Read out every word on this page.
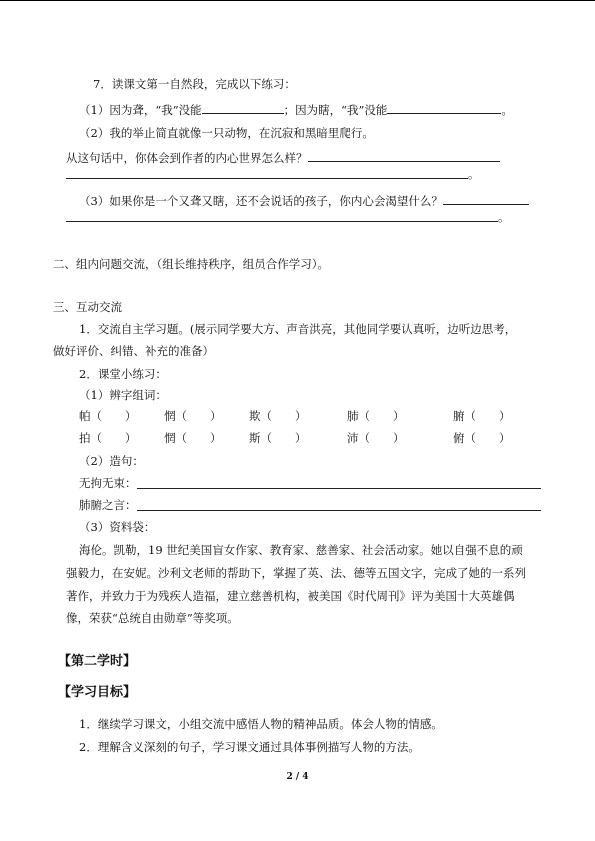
7．读课文第一自然段，完成以下练习：
（1）因为聋，“我”没能	；因为瞎，“我”没能	。
（2）我的举止简直就像一只动物，在沉寂和黑暗里爬行。
从这句话中，你体会到作者的内心世界怎么样？
。
（3）如果你是一个又聋又瞎，还不会说话的孩子，你内心会渴望什么？
。
二、组内问题交流，（组长维持秩序，组员合作学习）。
三、互动交流
1．交流自主学习题。(展示同学要大方、声音洪亮，其他同学要认真听，边听边思考，
做好评价、纠错、补充的准备）
2．课堂小练习：
（1）辨字组词：
帕（　　） 惘（　　） 欺（　　）	肺（　　）	腑（　　）
拍（　　） 惘（　　） 斯（　　）	沛（　　）	俯（　　）
（2）造句：
无拘无束：
肺腑之言：
（3）资料袋：
海伦。凯勒，19 世纪美国盲女作家、教育家、慈善家、社会活动家。她以自强不息的顽
强毅力，在安妮。沙利文老师的帮助下，掌握了英、法、德等五国文字，完成了她的一系列
著作，并致力于为残疾人造福，建立慈善机构，被美国《时代周刊》评为美国十大英雄偶
像，荣获“总统自由勋章”等奖项。
【第二学时】
【学习目标】
1．继续学习课文，小组交流中感悟人物的精神品质。体会人物的情感。
2．理解含义深刻的句子，学习课文通过具体事例描写人物的方法。
2 / 4
